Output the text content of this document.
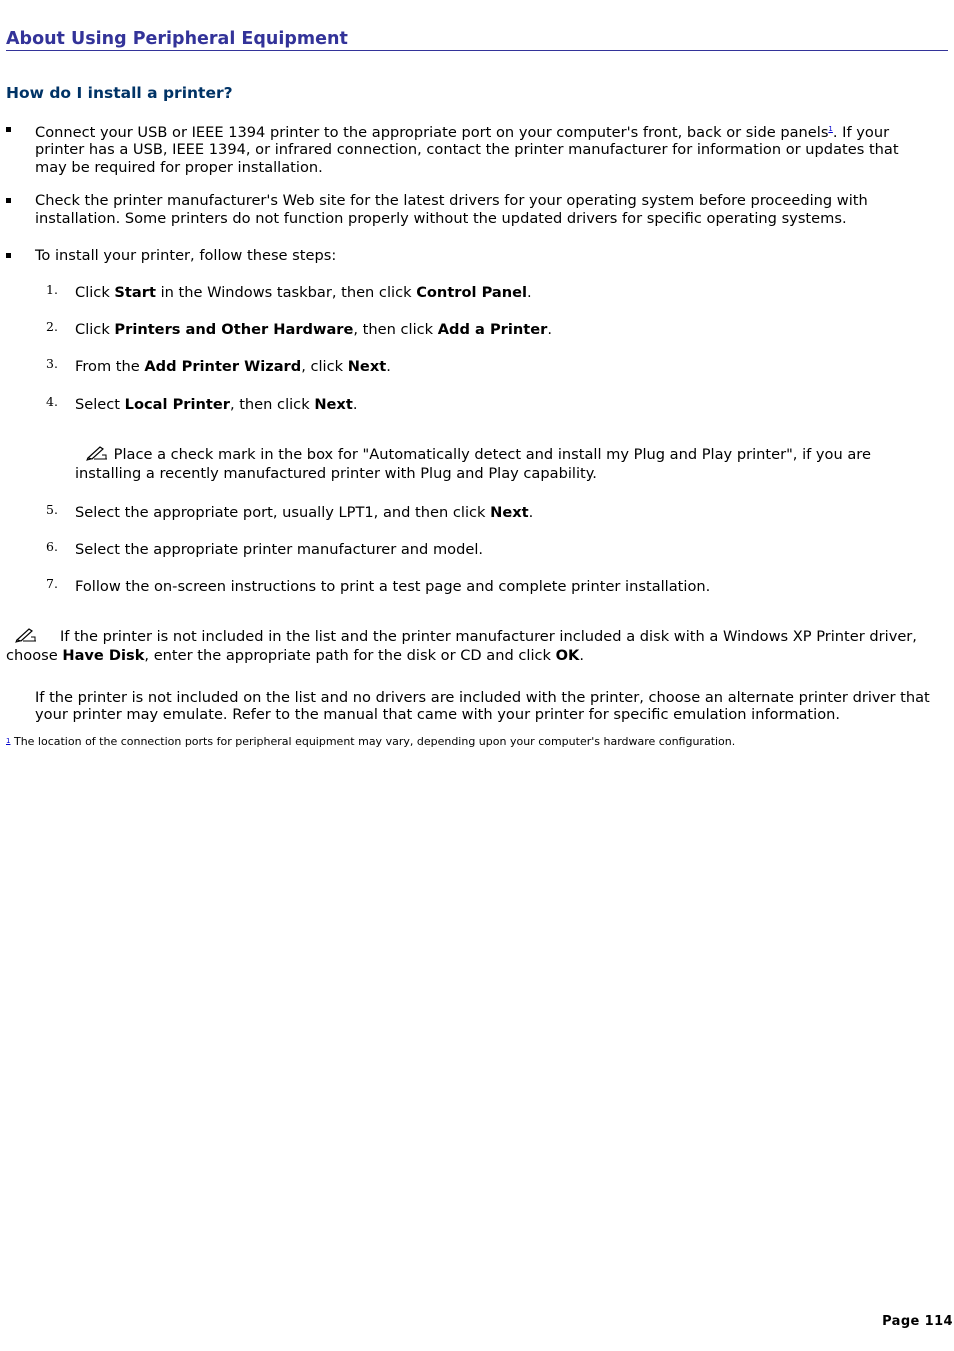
About Using Peripheral Equipment
How do I install a printer?
Connect your USB or IEEE 1394 printer to the appropriate port on your computer's front, back or side panels$^1$. If your printer has a USB, IEEE 1394, or infrared connection, contact the printer manufacturer for information or updates that may be required for proper installation.
Check the printer manufacturer's Web site for the latest drivers for your operating system before proceeding with installation. Some printers do not function properly without the updated drivers for specific operating systems.
To install your printer, follow these steps:
1. Click Start in the Windows taskbar, then click Control Panel.
2. Click Printers and Other Hardware, then click Add a Printer.
3. From the Add Printer Wizard, click Next.
4. Select Local Printer, then click Next.
Place a check mark in the box for "Automatically detect and install my Plug and Play printer", if you are installing a recently manufactured printer with Plug and Play capability.
5. Select the appropriate port, usually LPT1, and then click Next.
6. Select the appropriate printer manufacturer and model.
7. Follow the on-screen instructions to print a test page and complete printer installation.
If the printer is not included in the list and the printer manufacturer included a disk with a Windows XP Printer driver, choose Have Disk, enter the appropriate path for the disk or CD and click OK.
If the printer is not included on the list and no drivers are included with the printer, choose an alternate printer driver that your printer may emulate. Refer to the manual that came with your printer for specific emulation information.
1 The location of the connection ports for peripheral equipment may vary, depending upon your computer's hardware configuration.
Page 114
